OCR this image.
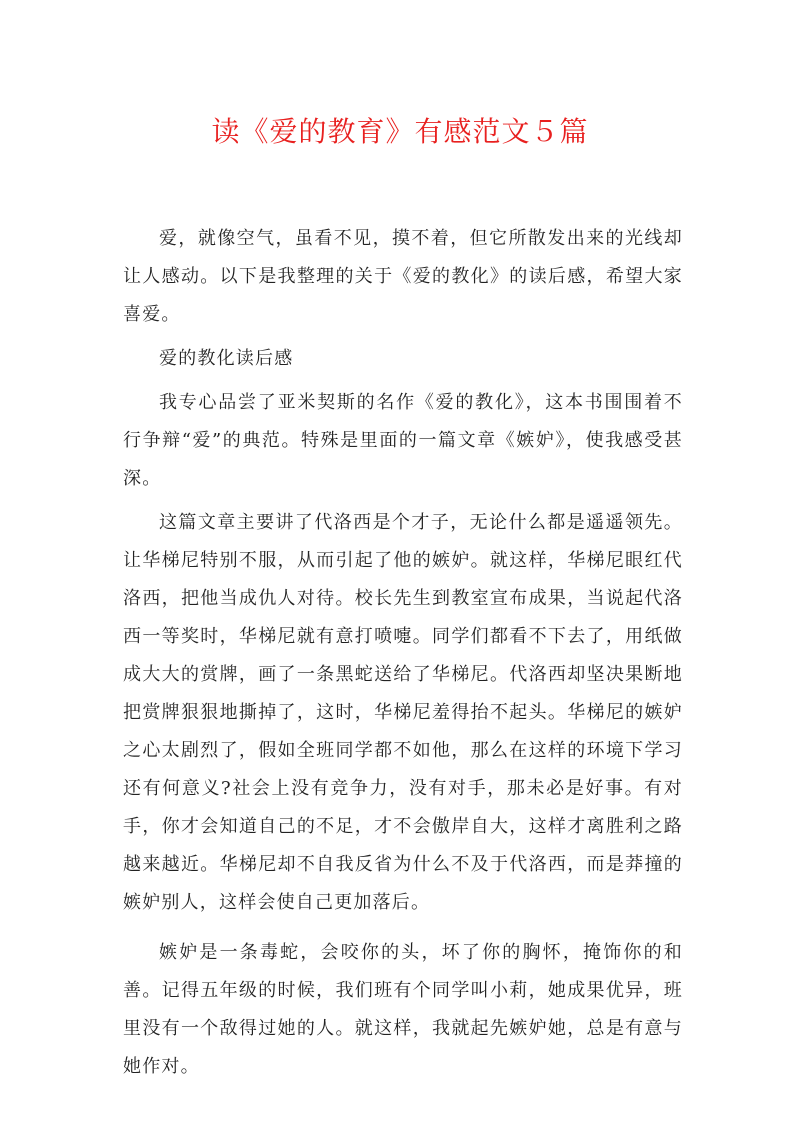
读《爱的教育》有感范文５篇

爱，就像空气，虽看不见，摸不着，但它所散发出来的光线却让人感动。以下是我整理的关于《爱的教化》的读后感，希望大家喜爱。

爱的教化读后感

我专心品尝了亚米契斯的名作《爱的教化》，这本书围围着不行争辩“爱”的典范。特殊是里面的一篇文章《嫉妒》，使我感受甚深。

这篇文章主要讲了代洛西是个才子，无论什么都是遥遥领先。让华梯尼特别不服，从而引起了他的嫉妒。就这样，华梯尼眼红代洛西，把他当成仇人对待。校长先生到教室宣布成果，当说起代洛西一等奖时，华梯尼就有意打喷嚏。同学们都看不下去了，用纸做成大大的赏牌，画了一条黑蛇送给了华梯尼。代洛西却坚决果断地把赏牌狠狠地撕掉了，这时，华梯尼羞得抬不起头。华梯尼的嫉妒之心太剧烈了，假如全班同学都不如他，那么在这样的环境下学习还有何意义?社会上没有竞争力，没有对手，那未必是好事。有对手，你才会知道自己的不足，才不会傲岸自大，这样才离胜利之路越来越近。华梯尼却不自我反省为什么不及于代洛西，而是莽撞的嫉妒别人，这样会使自己更加落后。

嫉妒是一条毒蛇，会咬你的头，坏了你的胸怀，掩饰你的和善。记得五年级的时候，我们班有个同学叫小莉，她成果优异，班里没有一个敌得过她的人。就这样，我就起先嫉妒她，总是有意与她作对。
